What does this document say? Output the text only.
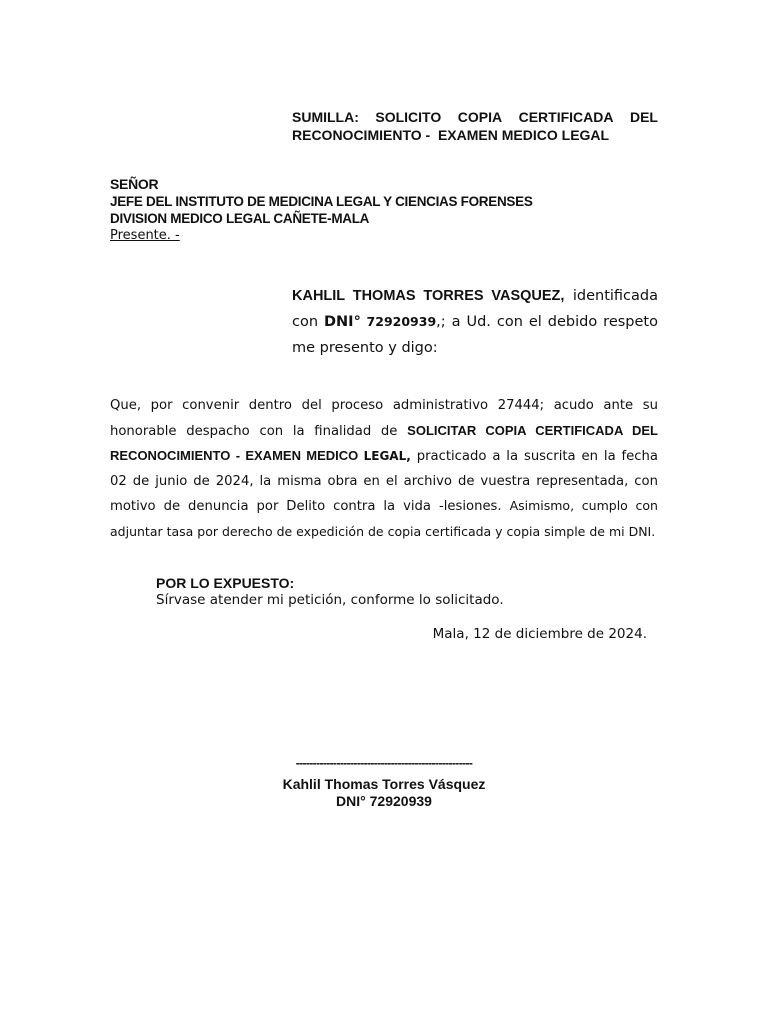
SUMILLA: SOLICITO COPIA CERTIFICADA DEL
RECONOCIMIENTO -  EXAMEN MEDICO LEGAL
SEÑOR
JEFE DEL INSTITUTO DE MEDICINA LEGAL Y CIENCIAS FORENSES
DIVISION MEDICO LEGAL CAÑETE-MALA
Presente. -
KAHLIL THOMAS TORRES VASQUEZ, identificada con DNI° 72920939,; a Ud. con el debido respeto me presento y digo:
Que, por convenir dentro del proceso administrativo 27444; acudo ante su honorable despacho con la finalidad de SOLICITAR COPIA CERTIFICADA DEL RECONOCIMIENTO - EXAMEN MEDICO LEGAL, practicado a la suscrita en la fecha 02 de junio de 2024, la misma obra en el archivo de vuestra representada, con motivo de denuncia por Delito contra la vida -lesiones. Asimismo, cumplo con adjuntar tasa por derecho de expedición de copia certificada y copia simple de mi DNI.
POR LO EXPUESTO:
Sírvase atender mi petición, conforme lo solicitado.
Mala, 12 de diciembre de 2024.
----------------------------------------------------
Kahlil Thomas Torres Vásquez
DNI° 72920939
